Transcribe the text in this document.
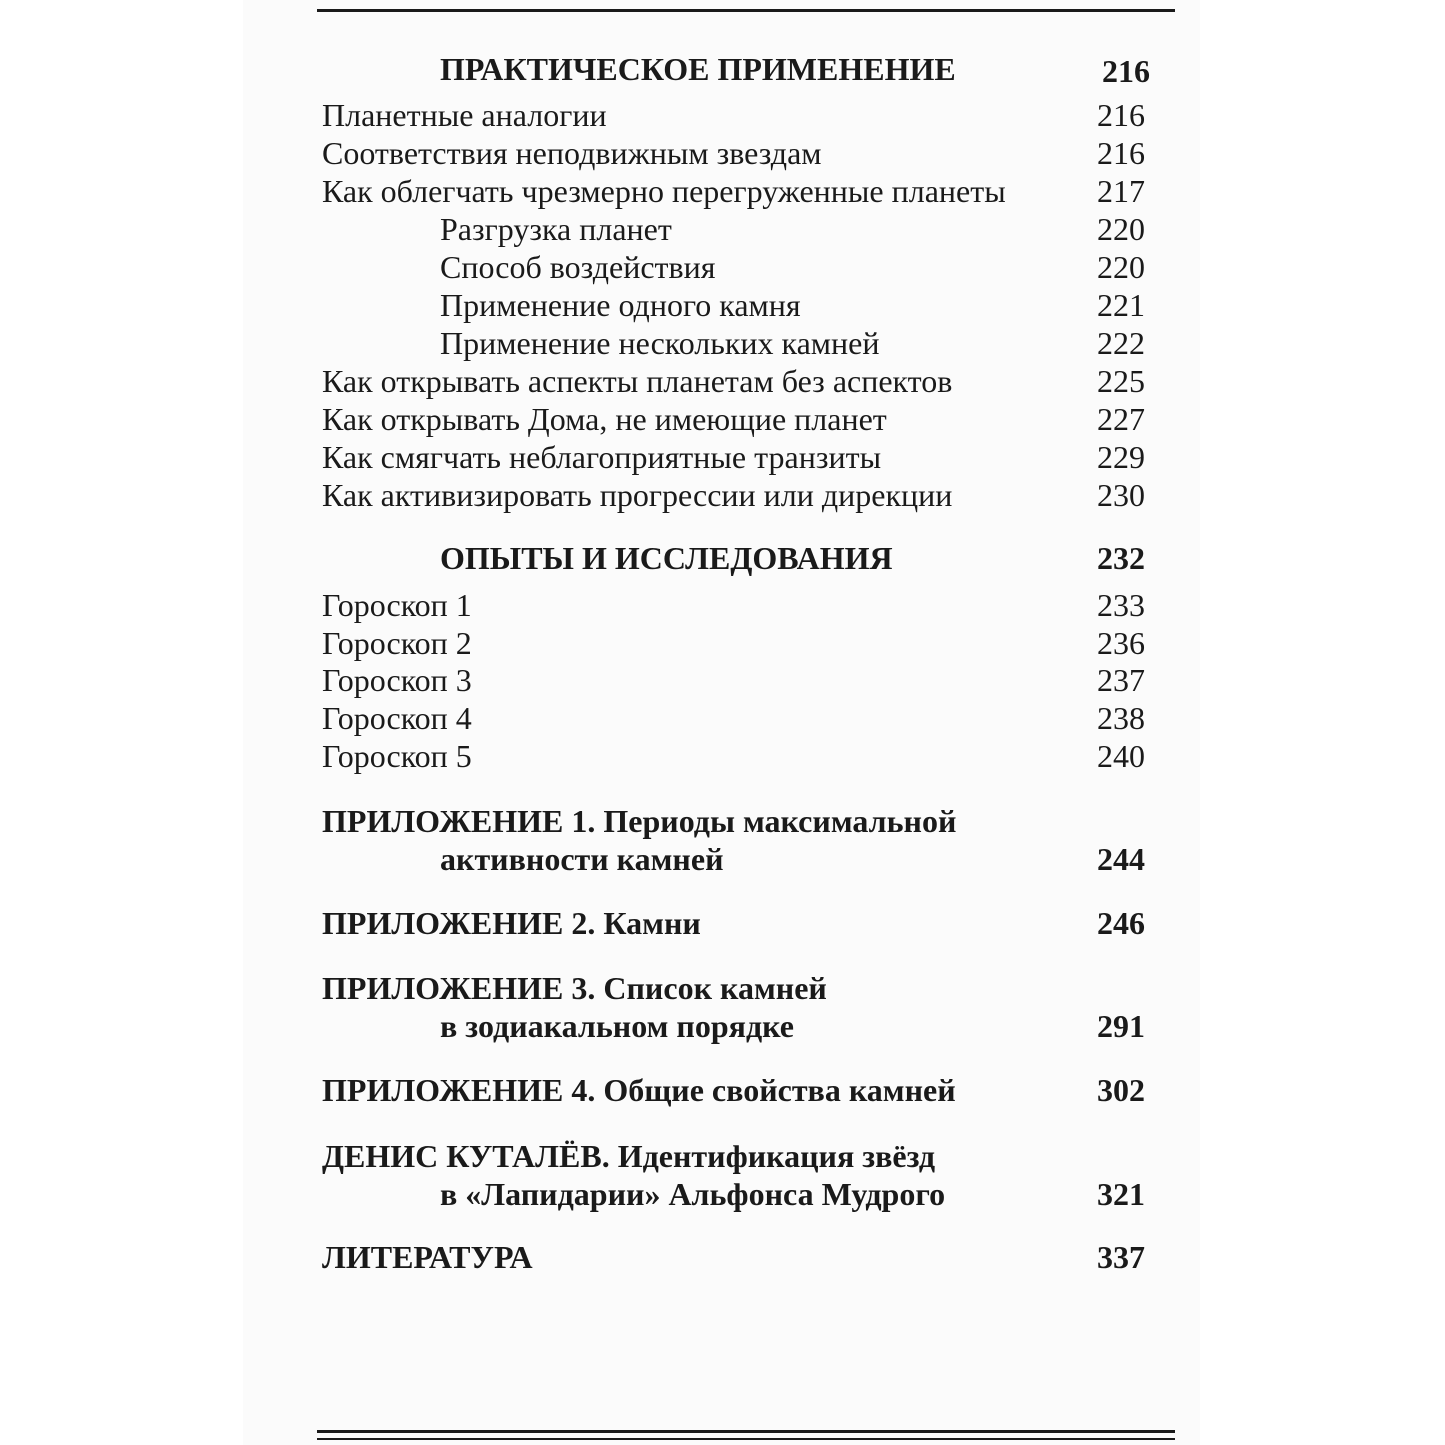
ПРАКТИЧЕСКОЕ ПРИМЕНЕНИЕ	216
Планетные аналогии	216
Соответствия неподвижным звездам	216
Как облегчать чрезмерно перегруженные планеты	217
Разгрузка планет	220
Способ воздействия	220
Применение одного камня	221
Применение нескольких камней	222
Как открывать аспекты планетам без аспектов	225
Как открывать Дома, не имеющие планет	227
Как смягчать неблагоприятные транзиты	229
Как активизировать прогрессии или дирекции	230
ОПЫТЫ И ИССЛЕДОВАНИЯ	232
Гороскоп 1	233
Гороскоп 2	236
Гороскоп 3	237
Гороскоп 4	238
Гороскоп 5	240
ПРИЛОЖЕНИЕ 1. Периоды максимальной
активности камней	244
ПРИЛОЖЕНИЕ 2. Камни	246
ПРИЛОЖЕНИЕ 3. Список камней
в зодиакальном порядке	291
ПРИЛОЖЕНИЕ 4. Общие свойства камней	302
ДЕНИС КУТАЛЁВ. Идентификация звёзд
в «Лапидарии» Альфонса Мудрого	321
ЛИТЕРАТУРА	337
